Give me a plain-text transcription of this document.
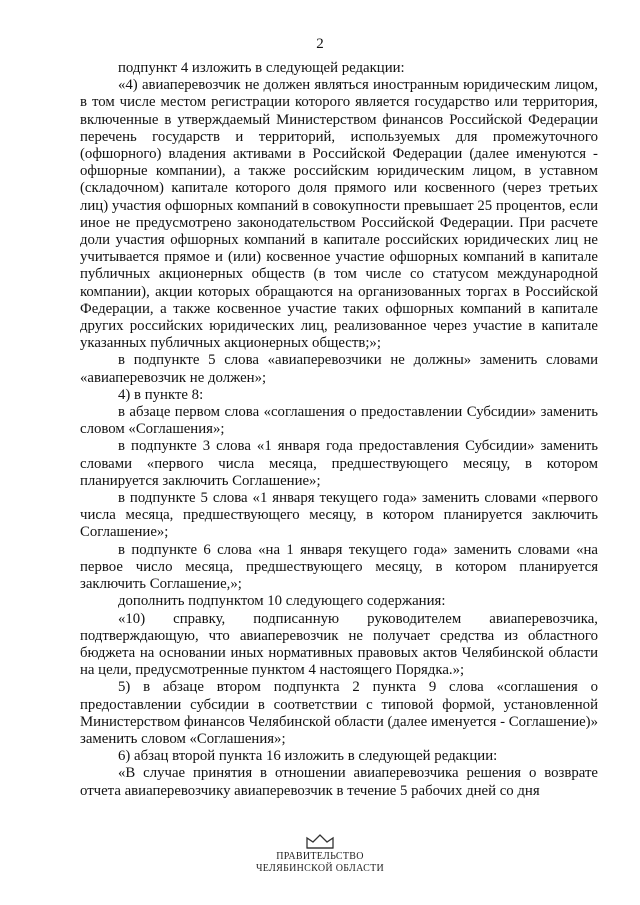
2

подпункт 4 изложить в следующей редакции:

«4) авиаперевозчик не должен являться иностранным юридическим лицом, в том числе местом регистрации которого является государство или территория, включенные в утверждаемый Министерством финансов Российской Федерации перечень государств и территорий, используемых для промежуточного (офшорного) владения активами в Российской Федерации (далее именуются - офшорные компании), а также российским юридическим лицом, в уставном (складочном) капитале которого доля прямого или косвенного (через третьих лиц) участия офшорных компаний в совокупности превышает 25 процентов, если иное не предусмотрено законодательством Российской Федерации. При расчете доли участия офшорных компаний в капитале российских юридических лиц не учитывается прямое и (или) косвенное участие офшорных компаний в капитале публичных акционерных обществ (в том числе со статусом международной компании), акции которых обращаются на организованных торгах в Российской Федерации, а также косвенное участие таких офшорных компаний в капитале других российских юридических лиц, реализованное через участие в капитале указанных публичных акционерных обществ;»;

в подпункте 5 слова «авиаперевозчики не должны» заменить словами «авиаперевозчик не должен»;

4) в пункте 8:

в абзаце первом слова «соглашения о предоставлении Субсидии» заменить словом «Соглашения»;

в подпункте 3 слова «1 января года предоставления Субсидии» заменить словами «первого числа месяца, предшествующего месяцу, в котором планируется заключить Соглашение»;

в подпункте 5 слова «1 января текущего года» заменить словами «первого числа месяца, предшествующего месяцу, в котором планируется заключить Соглашение»;

в подпункте 6 слова «на 1 января текущего года» заменить словами «на первое число месяца, предшествующего месяцу, в котором планируется заключить Соглашение,»;

дополнить подпунктом 10 следующего содержания:

«10) справку, подписанную руководителем авиаперевозчика, подтверждающую, что авиаперевозчик не получает средства из областного бюджета на основании иных нормативных правовых актов Челябинской области на цели, предусмотренные пунктом 4 настоящего Порядка.»;

5) в абзаце втором подпункта 2 пункта 9 слова «соглашения о предоставлении субсидии в соответствии с типовой формой, установленной Министерством финансов Челябинской области (далее именуется - Соглашение)» заменить словом «Соглашения»;

6) абзац второй пункта 16 изложить в следующей редакции:

«В случае принятия в отношении авиаперевозчика решения о возврате отчета авиаперевозчику авиаперевозчик в течение 5 рабочих дней со дня

ПРАВИТЕЛЬСТВО
ЧЕЛЯБИНСКОЙ ОБЛАСТИ
